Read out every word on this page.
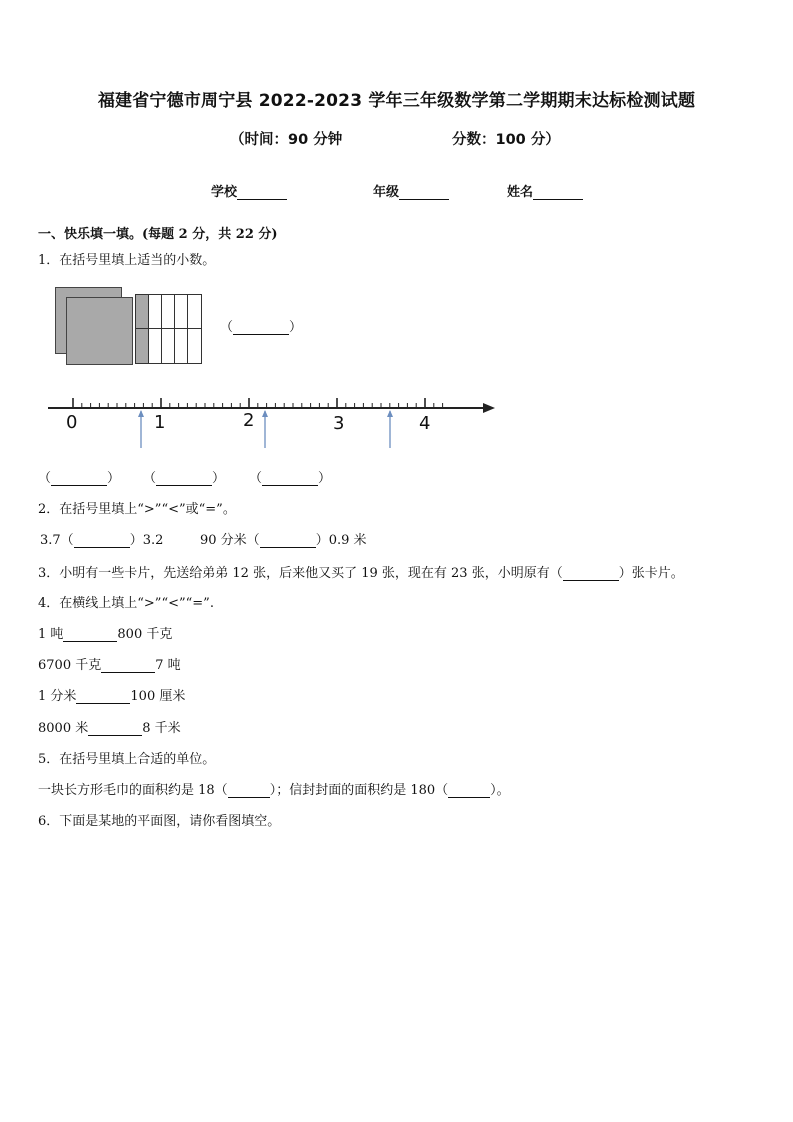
福建省宁德市周宁县 2022-2023 学年三年级数学第二学期期末达标检测试题
（时间：90 分钟	分数：100 分）
学校	年级	姓名
一、快乐填一填。(每题 2 分，共 22 分)
1．在括号里填上适当的小数。
（	）
0	1	2	3	4
（	） （	） （	）
2．在括号里填上“>”“<”或“=”。
3.7（	）3.2	90 分米（	）0.9 米
3．小明有一些卡片，先送给弟弟 12 张，后来他又买了 19 张，现在有 23 张，小明原有（	）张卡片。
4．在横线上填上“>”“<”“=”.
1 吨	800 千克
6700 千克	7 吨
1 分米	100 厘米
8000 米	8 千米
5．在括号里填上合适的单位。
一块长方形毛巾的面积约是 18（	）；信封封面的面积约是 180（	）。
6．下面是某地的平面图，请你看图填空。
